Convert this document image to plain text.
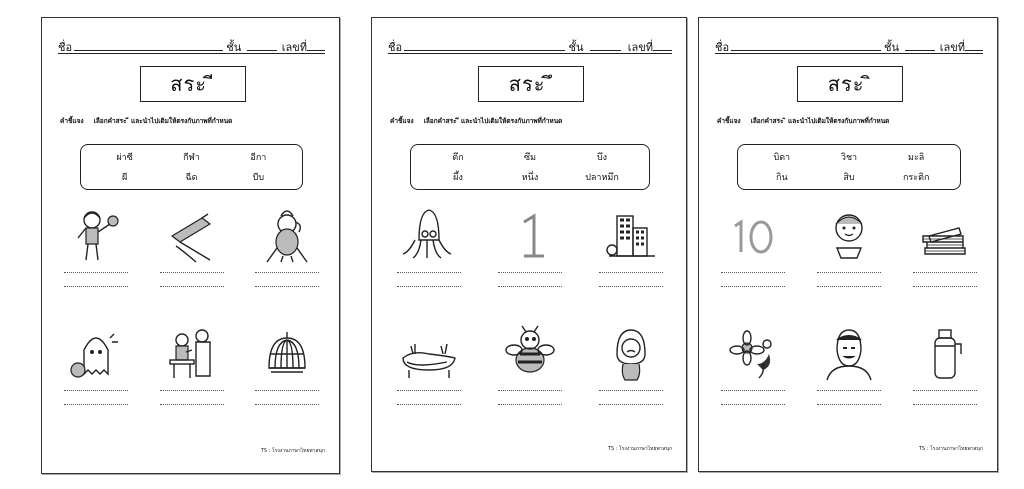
ชื่อ	ชั้น	เลขที่
สระ ี
คำชี้แจง เลือกคำสระ ี และนำไปเติมให้ตรงกับภาพที่กำหนด
ผ่าซี	กีฬา	อีกา
ผี	ฉีด	บีบ
TS : โรงงานภาษาไทยพาสนุก
ชื่อ	ชั้น	เลขที่
สระ ึ
คำชี้แจง เลือกคำสระ ึ และนำไปเติมให้ตรงกับภาพที่กำหนด
ตึก	ซึม	บึง
ผึ้ง	หนึ่ง	ปลาหมึก
TS : โรงงานภาษาไทยพาสนุก
ชื่อ	ชั้น	เลขที่
สระ ิ
คำชี้แจง เลือกคำสระ ิ และนำไปเติมให้ตรงกับภาพที่กำหนด
บิดา	วิชา	มะลิ
กิน	สิบ	กระติก
TS : โรงงานภาษาไทยพาสนุก
